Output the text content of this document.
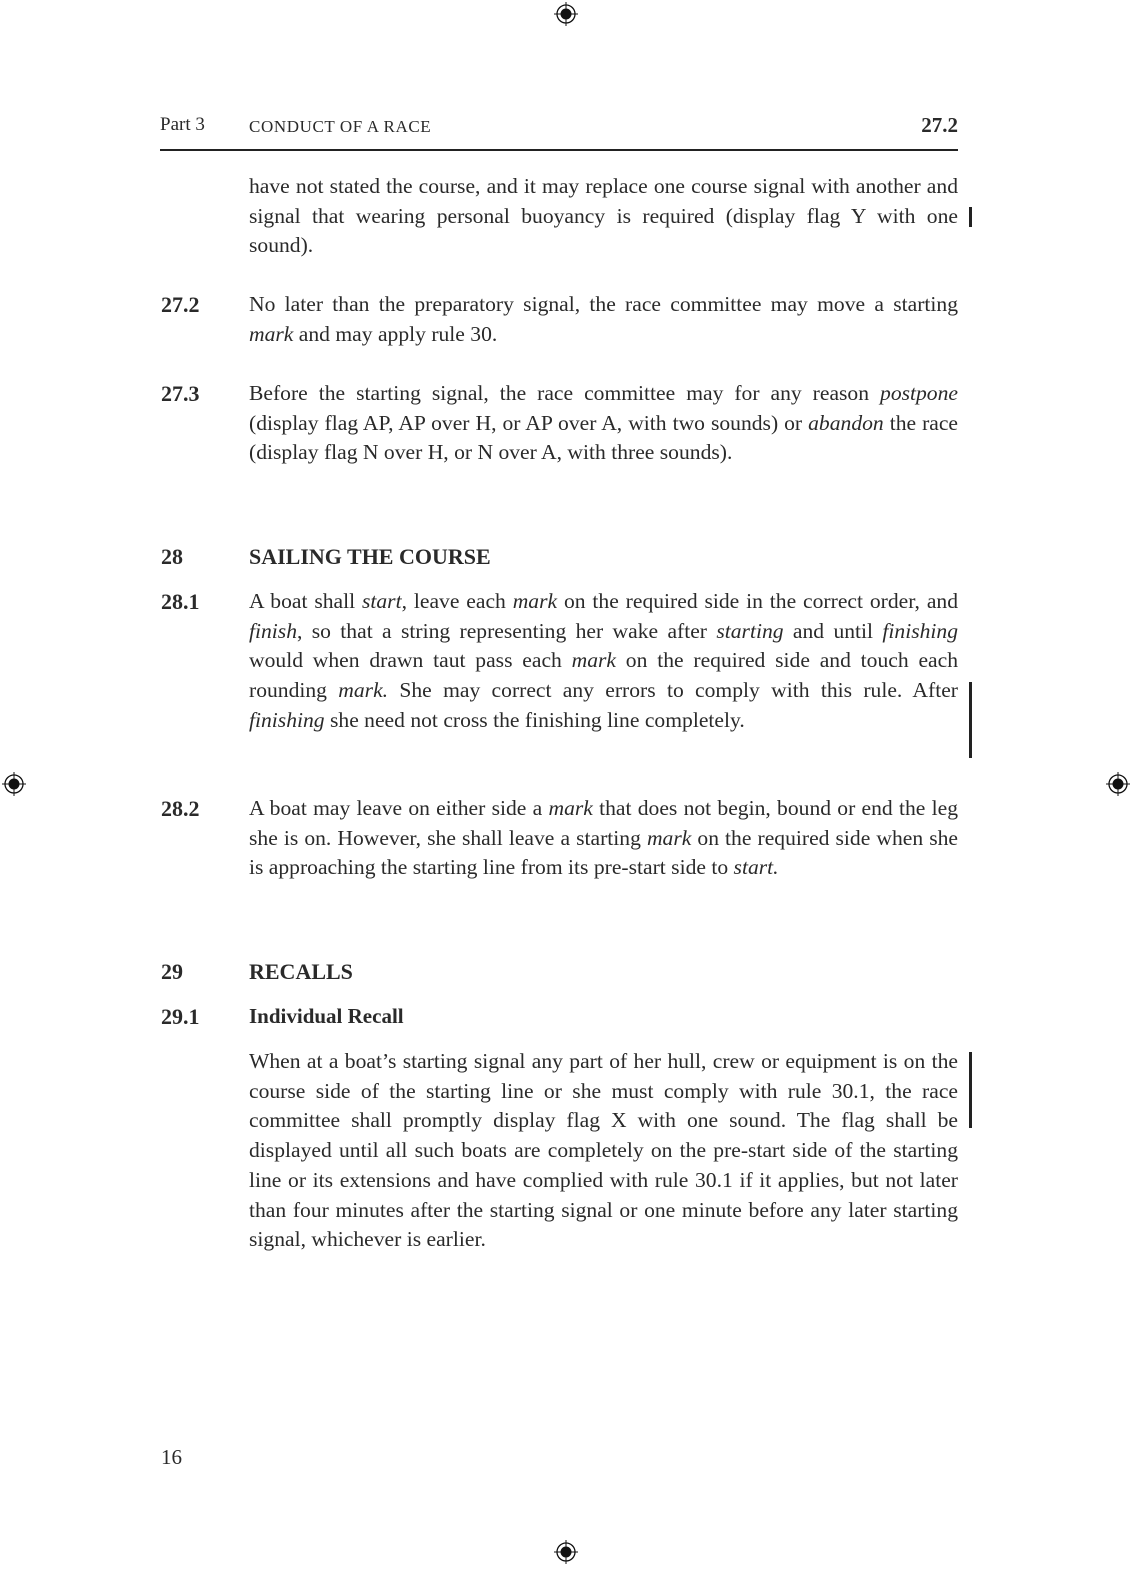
Part 3	CONDUCT OF A RACE	27.2
have not stated the course, and it may replace one course signal with another and signal that wearing personal buoyancy is required (display flag Y with one sound).
27.2 No later than the preparatory signal, the race committee may move a starting mark and may apply rule 30.
27.3 Before the starting signal, the race committee may for any reason postpone (display flag AP, AP over H, or AP over A, with two sounds) or abandon the race (display flag N over H, or N over A, with three sounds).
28	SAILING THE COURSE
28.1 A boat shall start, leave each mark on the required side in the correct order, and finish, so that a string representing her wake after starting and until finishing would when drawn taut pass each mark on the required side and touch each rounding mark. She may correct any errors to comply with this rule. After finishing she need not cross the finishing line completely.
28.2 A boat may leave on either side a mark that does not begin, bound or end the leg she is on. However, she shall leave a starting mark on the required side when she is approaching the starting line from its pre-start side to start.
29	RECALLS
29.1 Individual Recall
When at a boat’s starting signal any part of her hull, crew or equipment is on the course side of the starting line or she must comply with rule 30.1, the race committee shall promptly display flag X with one sound. The flag shall be displayed until all such boats are completely on the pre-start side of the starting line or its extensions and have complied with rule 30.1 if it applies, but not later than four minutes after the starting signal or one minute before any later starting signal, whichever is earlier.
16
